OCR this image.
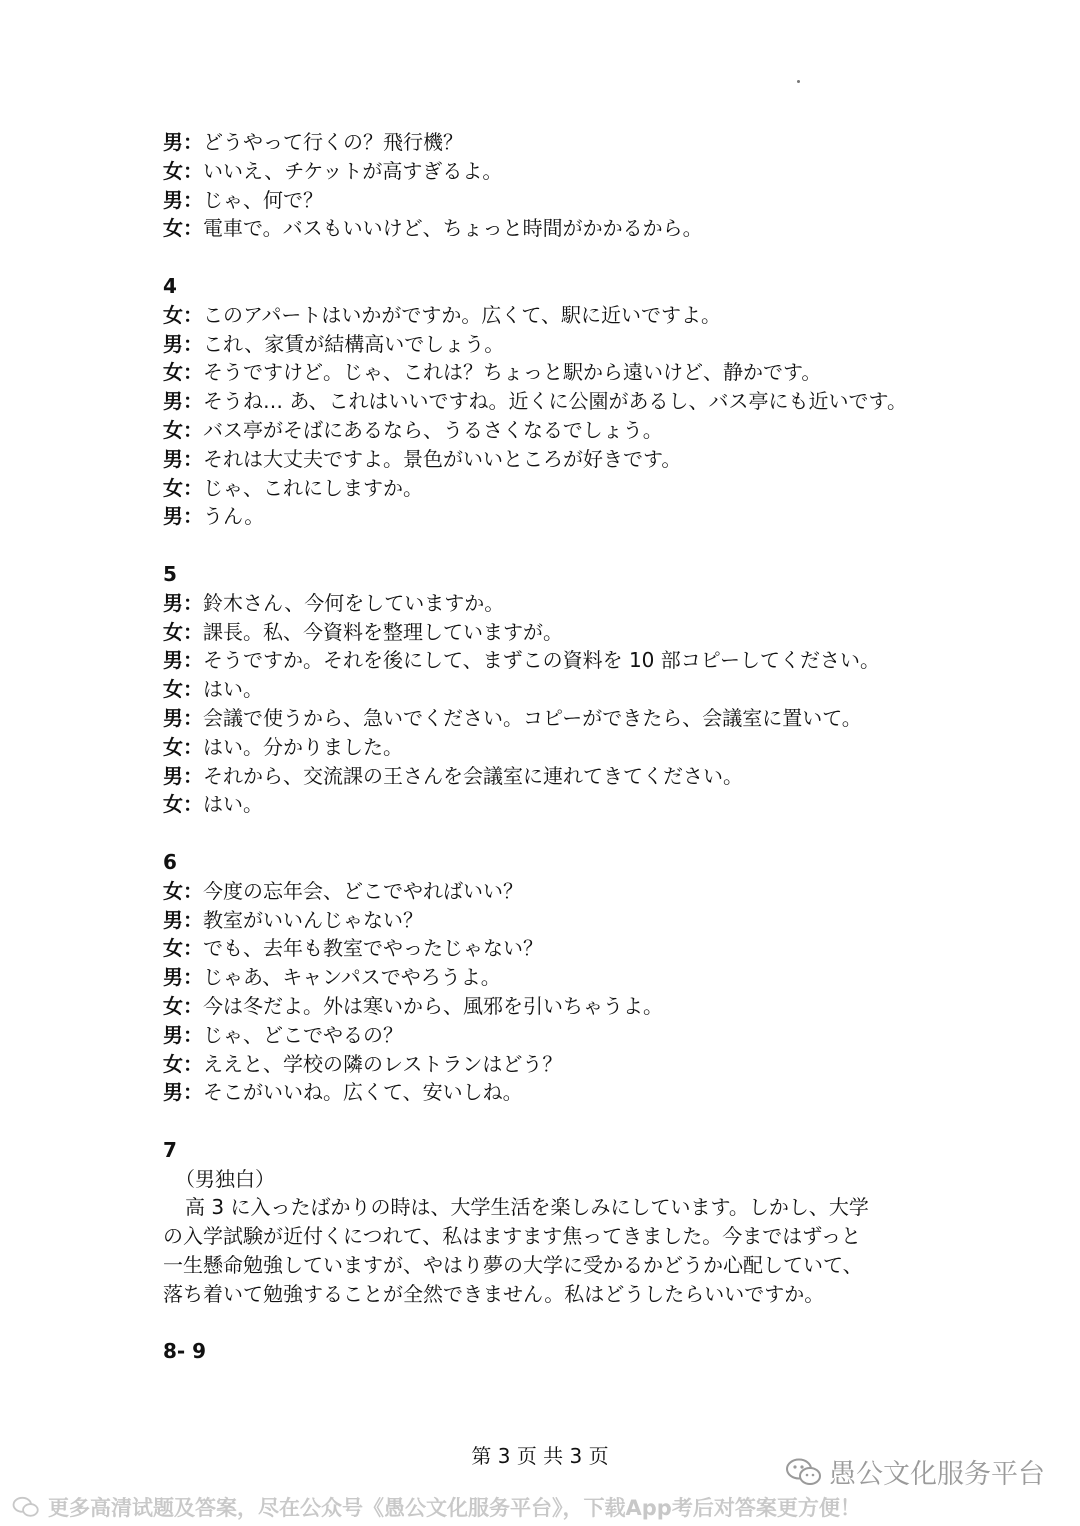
男：どうやって行くの？飛行機？
女：いいえ、チケットが高すぎるよ。
男：じゃ、何で？
女：電車で。バスもいいけど、ちょっと時間がかかるから。
4
女：このアパートはいかがですか。広くて、駅に近いですよ。
男：これ、家賃が結構高いでしょう。
女：そうですけど。じゃ、これは？ちょっと駅から遠いけど、静かです。
男：そうね… あ、これはいいですね。近くに公園があるし、バス亭にも近いです。
女：バス亭がそばにあるなら、うるさくなるでしょう。
男：それは大丈夫ですよ。景色がいいところが好きです。
女：じゃ、これにしますか。
男：うん。
5
男：鈴木さん、今何をしていますか。
女：課長。私、今資料を整理していますが。
男：そうですか。それを後にして、まずこの資料を 10 部コピーしてください。
女：はい。
男：会議で使うから、急いでください。コピーができたら、会議室に置いて。
女：はい。分かりました。
男：それから、交流課の王さんを会議室に連れてきてください。
女：はい。
6
女：今度の忘年会、どこでやればいい？
男：教室がいいんじゃない？
女：でも、去年も教室でやったじゃない？
男：じゃあ、キャンパスでやろうよ。
女：今は冬だよ。外は寒いから、風邪を引いちゃうよ。
男：じゃ、どこでやるの？
女：ええと、学校の隣のレストランはどう？
男：そこがいいね。広くて、安いしね。
7
（男独白）

高 3 に入ったばかりの時は、大学生活を楽しみにしています。しかし、大学

の入学試験が近付くにつれて、私はますます焦ってきました。今まではずっと

一生懸命勉強していますが、やはり夢の大学に受かるかどうか心配していて、

落ち着いて勉強することが全然できません。私はどうしたらいいですか。

8- 9
第 3 页 共 3 页
愚公文化服务平台
更多高清试题及答案，尽在公众号《愚公文化服务平台》，下载App考后对答案更方便！
